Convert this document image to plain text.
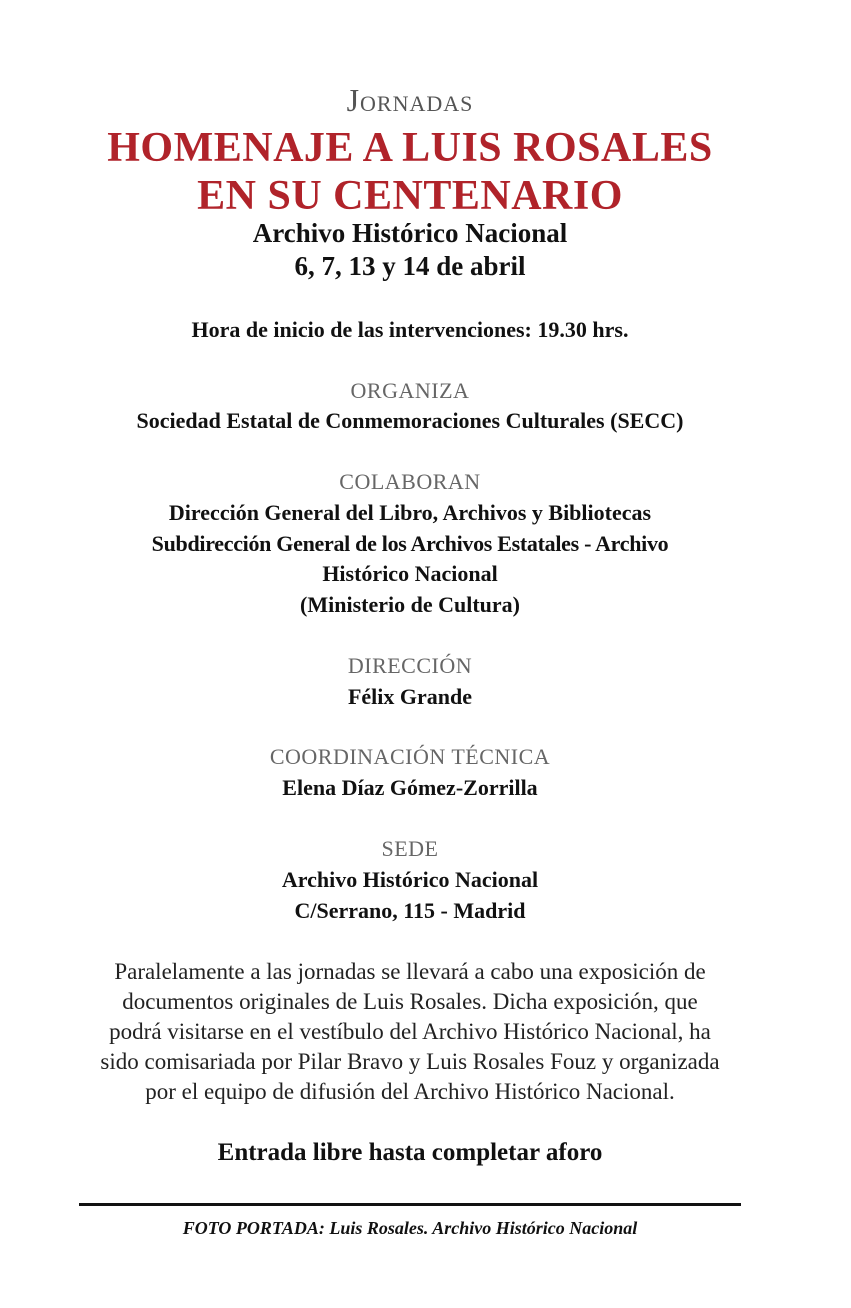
Jornadas
HOMENAJE A LUIS ROSALES
EN SU CENTENARIO
Archivo Histórico Nacional
6, 7, 13 y 14 de abril
Hora de inicio de las intervenciones: 19.30 hrs.
ORGANIZA
Sociedad Estatal de Conmemoraciones Culturales (SECC)
COLABORAN
Dirección General del Libro, Archivos y Bibliotecas
Subdirección General de los Archivos Estatales - Archivo
Histórico Nacional
(Ministerio de Cultura)
DIRECCIÓN
Félix Grande
COORDINACIÓN TÉCNICA
Elena Díaz Gómez-Zorrilla
SEDE
Archivo Histórico Nacional
C/Serrano, 115 - Madrid
Paralelamente a las jornadas se llevará a cabo una exposición de
documentos originales de Luis Rosales. Dicha exposición, que
podrá visitarse en el vestíbulo del Archivo Histórico Nacional, ha
sido comisariada por Pilar Bravo y Luis Rosales Fouz y organizada
por el equipo de difusión del Archivo Histórico Nacional.
Entrada libre hasta completar aforo
FOTO PORTADA: Luis Rosales. Archivo Histórico Nacional
